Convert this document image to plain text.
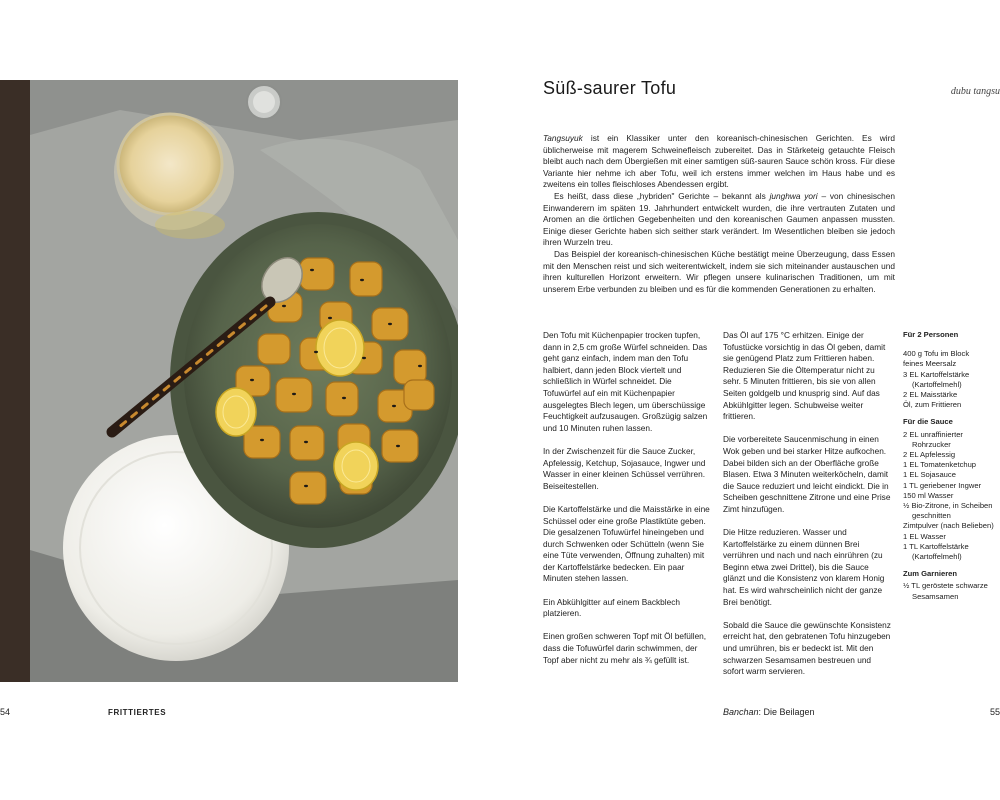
Süß-saurer Tofu	dubu tangsu

Tangsuyuk ist ein Klassiker unter den koreanisch-chinesischen Gerichten. Es wird üblicherweise mit magerem Schweinefleisch zubereitet. Das in Stärketeig getauchte Fleisch bleibt auch nach dem Übergießen mit einer samtigen süß-sauren Sauce schön kross. Für diese Variante hier nehme ich aber Tofu, weil ich erstens immer welchen im Haus habe und es zweitens ein tolles fleischloses Abendessen ergibt.

Es heißt, dass diese „hybriden" Gerichte – bekannt als junghwa yori – von chinesischen Einwanderern im späten 19. Jahrhundert entwickelt wurden, die ihre vertrauten Zutaten und Aromen an die örtlichen Gegebenheiten und den koreanischen Gaumen anpassen mussten. Einige dieser Gerichte haben sich seither stark verändert. Im Wesentlichen bleiben sie jedoch ihren Wurzeln treu.

Das Beispiel der koreanisch-chinesischen Küche bestätigt meine Überzeugung, dass Essen mit den Menschen reist und sich weiterentwickelt, indem sie sich miteinander austauschen und ihren kulturellen Horizont erweitern. Wir pflegen unsere kulinarischen Traditionen, um mit unserem Erbe verbunden zu bleiben und es für die kommenden Generationen zu erhalten.

Den Tofu mit Küchenpapier trocken tupfen, dann in 2,5 cm große Würfel schneiden. Das geht ganz einfach, indem man den Tofu halbiert, dann jeden Block viertelt und schließlich in Würfel schneidet. Die Tofuwürfel auf ein mit Küchenpapier ausgelegtes Blech legen, um überschüssige Feuchtigkeit aufzusaugen. Großzügig salzen und 10 Minuten ruhen lassen.

In der Zwischenzeit für die Sauce Zucker, Apfelessig, Ketchup, Sojasauce, Ingwer und Wasser in einer kleinen Schüssel verrühren. Beiseitestellen.

Die Kartoffelstärke und die Maisstärke in eine Schüssel oder eine große Plastiktüte geben. Die gesalzenen Tofuwürfel hineingeben und durch Schwenken oder Schütteln (wenn Sie eine Tüte verwenden, Öffnung zuhalten) mit der Kartoffelstärke bedecken. Ein paar Minuten stehen lassen.

Ein Abkühlgitter auf einem Backblech platzieren.

Einen großen schweren Topf mit Öl befüllen, dass die Tofuwürfel darin schwimmen, der Topf aber nicht zu mehr als ¾ gefüllt ist.

Das Öl auf 175 °C erhitzen. Einige der Tofustücke vorsichtig in das Öl geben, damit sie genügend Platz zum Frittieren haben. Reduzieren Sie die Öltemperatur nicht zu sehr. 5 Minuten frittieren, bis sie von allen Seiten goldgelb und knusprig sind. Auf das Abkühlgitter legen. Schubweise weiter frittieren.

Die vorbereitete Saucenmischung in einen Wok geben und bei starker Hitze aufkochen. Dabei bilden sich an der Oberfläche große Blasen. Etwa 3 Minuten weiterköcheln, damit die Sauce reduziert und leicht eindickt. Die in Scheiben geschnittene Zitrone und eine Prise Zimt hinzufügen.

Die Hitze reduzieren. Wasser und Kartoffelstärke zu einem dünnen Brei verrühren und nach und nach einrühren (zu Beginn etwa zwei Drittel), bis die Sauce glänzt und die Konsistenz von klarem Honig hat. Es wird wahrscheinlich nicht der ganze Brei benötigt.

Sobald die Sauce die gewünschte Konsistenz erreicht hat, den gebratenen Tofu hinzugeben und umrühren, bis er bedeckt ist. Mit den schwarzen Sesamsamen bestreuen und sofort warm servieren.

Für 2 Personen
400 g Tofu im Block
feines Meersalz
3 EL Kartoffelstärke (Kartoffelmehl)
2 EL Maisstärke
Öl, zum Frittieren
Für die Sauce
2 EL unraffinierter Rohrzucker
2 EL Apfelessig
1 EL Tomatenketchup
1 EL Sojasauce
1 TL geriebener Ingwer
150 ml Wasser
½ Bio-Zitrone, in Scheiben geschnitten
Zimtpulver (nach Belieben)
1 EL Wasser
1 TL Kartoffelstärke (Kartoffelmehl)
Zum Garnieren
½ TL geröstete schwarze Sesamsamen
54	FRITTIERTES	Banchan: Die Beilagen	55
